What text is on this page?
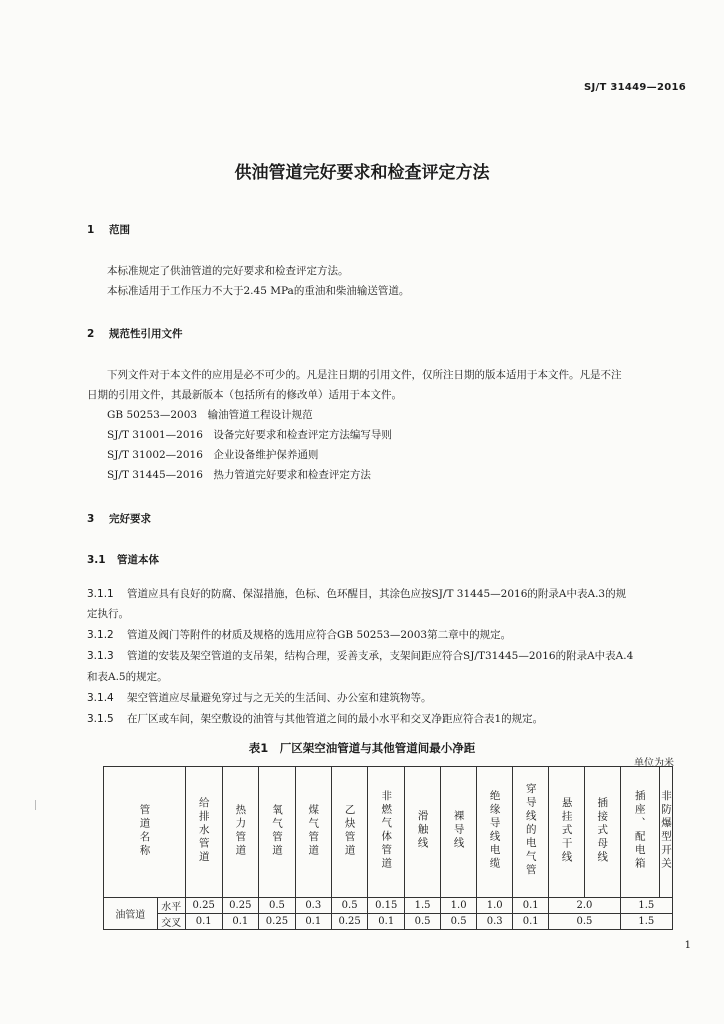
SJ/T 31449—2016
供油管道完好要求和检查评定方法
1 范围
本标准规定了供油管道的完好要求和检查评定方法。
本标准适用于工作压力不大于2.45 MPa的重油和柴油输送管道。
2 规范性引用文件
下列文件对于本文件的应用是必不可少的。凡是注日期的引用文件，仅所注日期的版本适用于本文件。凡是不注
日期的引用文件，其最新版本（包括所有的修改单）适用于本文件。
GB 50253—2003　输油管道工程设计规范
SJ/T 31001—2016　设备完好要求和检查评定方法编写导则
SJ/T 31002—2016　企业设备维护保养通则
SJ/T 31445—2016　热力管道完好要求和检查评定方法
3 完好要求
3.1 管道本体
3.1.1 管道应具有良好的防腐、保湿措施，色标、色环醒目，其涂色应按SJ/T 31445—2016的附录A中表A.3的规
定执行。
3.1.2 管道及阀门等附件的材质及规格的选用应符合GB 50253—2003第二章中的规定。
3.1.3 管道的安装及架空管道的支吊架，结构合理，妥善支承，支架间距应符合SJ/T31445—2016的附录A中表A.4
和表A.5的规定。
3.1.4 架空管道应尽量避免穿过与之无关的生活间、办公室和建筑物等。
3.1.5 在厂区或车间，架空敷设的油管与其他管道之间的最小水平和交叉净距应符合表1的规定。
表1　厂区架空油管道与其他管道间最小净距
单位为米
管道名称		给排水管道	热力管道	氧气管道	煤气管道	乙炔管道	非燃气体管道	滑触线	裸导线	绝缘导线电缆	穿导线的电气管	悬挂式干线	插接式母线	插座、配电箱	非防爆型开关
油管道	水平	0.25	0.25	0.5	0.3	0.5	0.15	1.5	1.0	1.0	0.1	2.0		1.5	
	交叉	0.1	0.1	0.25	0.1	0.25	0.1	0.5	0.5	0.3	0.1	0.5		1.5	
1
